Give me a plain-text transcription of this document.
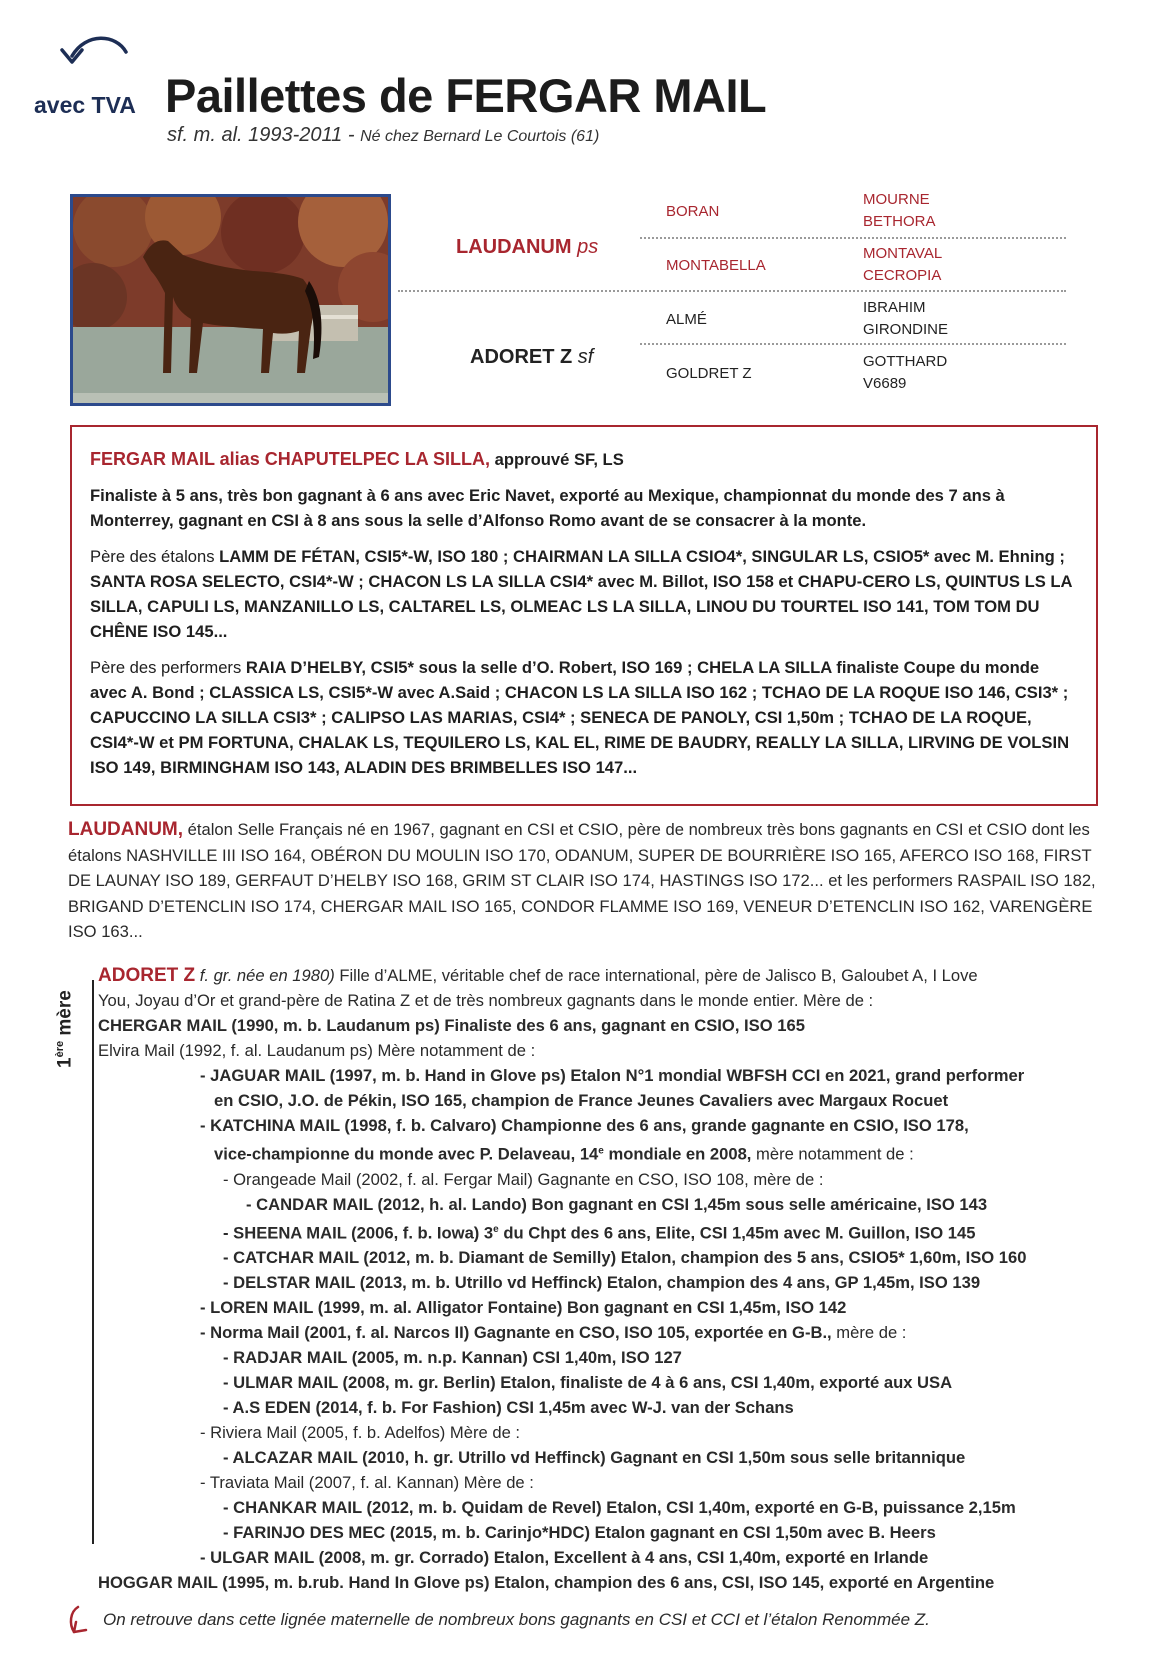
avec TVA Paillettes de FERGAR MAIL
sf. m. al. 1993-2011 - Né chez Bernard Le Courtois (61)
LAUDANUM ps
ADORET Z sf
BORAN
MONTABELLA
ALMÉ
GOLDRET Z
MOURNE
BETHORA
MONTAVAL
CECROPIA
IBRAHIM
GIRONDINE
GOTTHARD
V6689

FERGAR MAIL alias CHAPUTELPEC LA SILLA, approuvé SF, LS

Finaliste à 5 ans, très bon gagnant à 6 ans avec Eric Navet, exporté au Mexique, championnat du monde des 7 ans à Monterrey, gagnant en CSI à 8 ans sous la selle d’Alfonso Romo avant de se consacrer à la monte.

Père des étalons LAMM DE FÉTAN, CSI5*-W, ISO 180 ; CHAIRMAN LA SILLA CSIO4*, SINGULAR LS, CSIO5* avec M. Ehning ; SANTA ROSA SELECTO, CSI4*-W ; CHACON LS LA SILLA CSI4* avec M. Billot, ISO 158 et CHAPU-CERO LS, QUINTUS LS LA SILLA, CAPULI LS, MANZANILLO LS, CALTAREL LS, OLMEAC LS LA SILLA, LINOU DU TOURTEL ISO 141, TOM TOM DU CHÊNE ISO 145...

Père des performers RAIA D’HELBY, CSI5* sous la selle d’O. Robert, ISO 169 ; CHELA LA SILLA finaliste Coupe du monde avec A. Bond ; CLASSICA LS, CSI5*-W avec A.Said ; CHACON LS LA SILLA ISO 162 ; TCHAO DE LA ROQUE ISO 146, CSI3* ; CAPUCCINO LA SILLA CSI3* ; CALIPSO LAS MARIAS, CSI4* ; SENECA DE PANOLY, CSI 1,50m ; TCHAO DE LA ROQUE, CSI4*-W et PM FORTUNA, CHALAK LS, TEQUILERO LS, KAL EL, RIME DE BAUDRY, REALLY LA SILLA, LIRVING DE VOLSIN ISO 149, BIRMINGHAM ISO 143, ALADIN DES BRIMBELLES ISO 147...

LAUDANUM, étalon Selle Français né en 1967, gagnant en CSI et CSIO, père de nombreux très bons gagnants en CSI et CSIO dont les étalons NASHVILLE III ISO 164, OBÉRON DU MOULIN ISO 170, ODANUM, SUPER DE BOURRIÈRE ISO 165, AFERCO ISO 168, FIRST DE LAUNAY ISO 189, GERFAUT D’HELBY ISO 168, GRIM ST CLAIR ISO 174, HASTINGS ISO 172... et les performers RASPAIL ISO 182, BRIGAND D’ETENCLIN ISO 174, CHERGAR MAIL ISO 165, CONDOR FLAMME ISO 169, VENEUR D’ETENCLIN ISO 162, VARENGÈRE ISO 163...
1ère mère
ADORET Z f. gr. née en 1980) Fille d’ALME, véritable chef de race international, père de Jalisco B, Galoubet A, I Love
You, Joyau d’Or et grand-père de Ratina Z et de très nombreux gagnants dans le monde entier. Mère de :
CHERGAR MAIL (1990, m. b. Laudanum ps) Finaliste des 6 ans, gagnant en CSIO, ISO 165
Elvira Mail (1992, f. al. Laudanum ps) Mère notamment de :
- JAGUAR MAIL (1997, m. b. Hand in Glove ps) Etalon N°1 mondial WBFSH CCI en 2021, grand performer
en CSIO, J.O. de Pékin, ISO 165, champion de France Jeunes Cavaliers avec Margaux Rocuet
- KATCHINA MAIL (1998, f. b. Calvaro) Championne des 6 ans, grande gagnante en CSIO, ISO 178,
vice-championne du monde avec P. Delaveau, 14e mondiale en 2008, mère notamment de :
- Orangeade Mail (2002, f. al. Fergar Mail) Gagnante en CSO, ISO 108, mère de :
- CANDAR MAIL (2012, h. al. Lando) Bon gagnant en CSI 1,45m sous selle américaine, ISO 143
- SHEENA MAIL (2006, f. b. Iowa) 3e du Chpt des 6 ans, Elite, CSI 1,45m avec M. Guillon, ISO 145
- CATCHAR MAIL (2012, m. b. Diamant de Semilly) Etalon, champion des 5 ans, CSIO5* 1,60m, ISO 160
- DELSTAR MAIL (2013, m. b. Utrillo vd Heffinck) Etalon, champion des 4 ans, GP 1,45m, ISO 139
- LOREN MAIL (1999, m. al. Alligator Fontaine) Bon gagnant en CSI 1,45m, ISO 142
- Norma Mail (2001, f. al. Narcos II) Gagnante en CSO, ISO 105, exportée en G-B., mère de :
- RADJAR MAIL (2005, m. n.p. Kannan) CSI 1,40m, ISO 127
- ULMAR MAIL (2008, m. gr. Berlin) Etalon, finaliste de 4 à 6 ans, CSI 1,40m, exporté aux USA
- A.S EDEN (2014, f. b. For Fashion) CSI 1,45m avec W-J. van der Schans
- Riviera Mail (2005, f. b. Adelfos) Mère de :
- ALCAZAR MAIL (2010, h. gr. Utrillo vd Heffinck) Gagnant en CSI 1,50m sous selle britannique
- Traviata Mail (2007, f. al. Kannan) Mère de :
- CHANKAR MAIL (2012, m. b. Quidam de Revel) Etalon, CSI 1,40m, exporté en G-B, puissance 2,15m
- FARINJO DES MEC (2015, m. b. Carinjo*HDC) Etalon gagnant en CSI 1,50m avec B. Heers
- ULGAR MAIL (2008, m. gr. Corrado) Etalon, Excellent à 4 ans, CSI 1,40m, exporté en Irlande
HOGGAR MAIL (1995, m. b.rub. Hand In Glove ps) Etalon, champion des 6 ans, CSI, ISO 145, exporté en Argentine
On retrouve dans cette lignée maternelle de nombreux bons gagnants en CSI et CCI et l’étalon Renommée Z.
